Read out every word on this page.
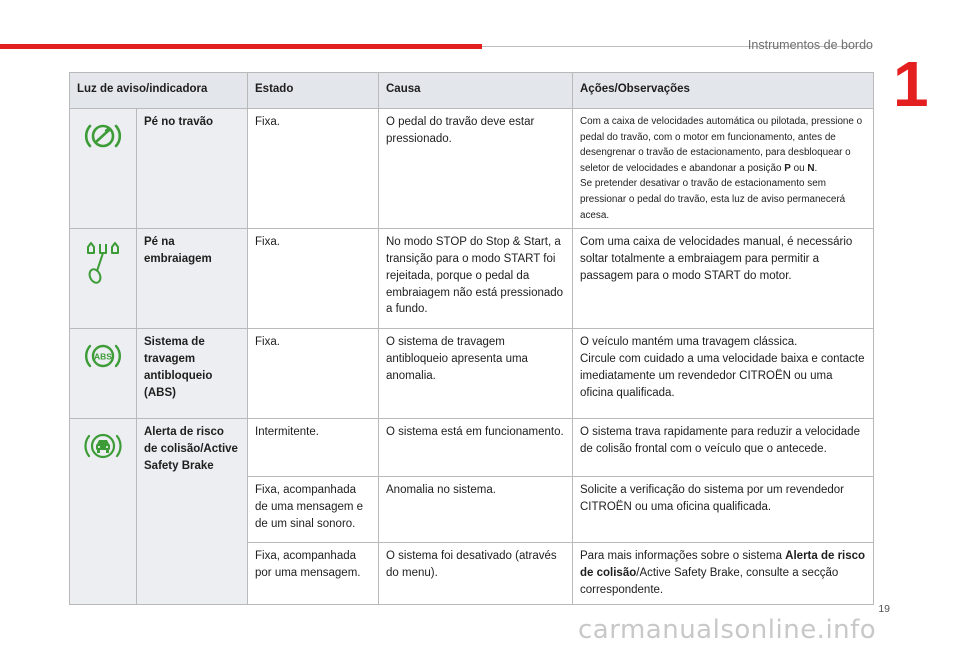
Instrumentos de bordo
1
Luz de aviso/indicadora		Estado	Causa	Ações/Observações

	Pé no travão	Fixa.	O pedal do travão deve estar pressionado.	Com a caixa de velocidades automática ou pilotada, pressione o pedal do travão, com o motor em funcionamento, antes de desengrenar o travão de estacionamento, para desbloquear o seletor de velocidades e abandonar a posição P ou N.
Se pretender desativar o travão de estacionamento sem pressionar o pedal do travão, esta luz de aviso permanecerá acesa.

	Pé na embraiagem	Fixa.	No modo STOP do Stop & Start, a transição para o modo START foi rejeitada, porque o pedal da embraiagem não está pressionado a fundo.	Com uma caixa de velocidades manual, é necessário soltar totalmente a embraiagem para permitir a passagem para o modo START do motor.

ABS	Sistema de travagem antibloqueio (ABS)	Fixa.	O sistema de travagem antibloqueio apresenta uma anomalia.	O veículo mantém uma travagem clássica.
Circule com cuidado a uma velocidade baixa e contacte imediatamente um revendedor CITROËN ou uma oficina qualificada.

	Alerta de risco de colisão/Active Safety Brake	Intermitente.	O sistema está em funcionamento.	O sistema trava rapidamente para reduzir a velocidade de colisão frontal com o veículo que o antecede.
		Fixa, acompanhada de uma mensagem e de um sinal sonoro.	Anomalia no sistema.	Solicite a verificação do sistema por um revendedor CITROËN ou uma oficina qualificada.
		Fixa, acompanhada por uma mensagem.	O sistema foi desativado (através do menu).	Para mais informações sobre o sistema Alerta de risco de colisão/Active Safety Brake, consulte a secção correspondente.
19
carmanualsonline.info
